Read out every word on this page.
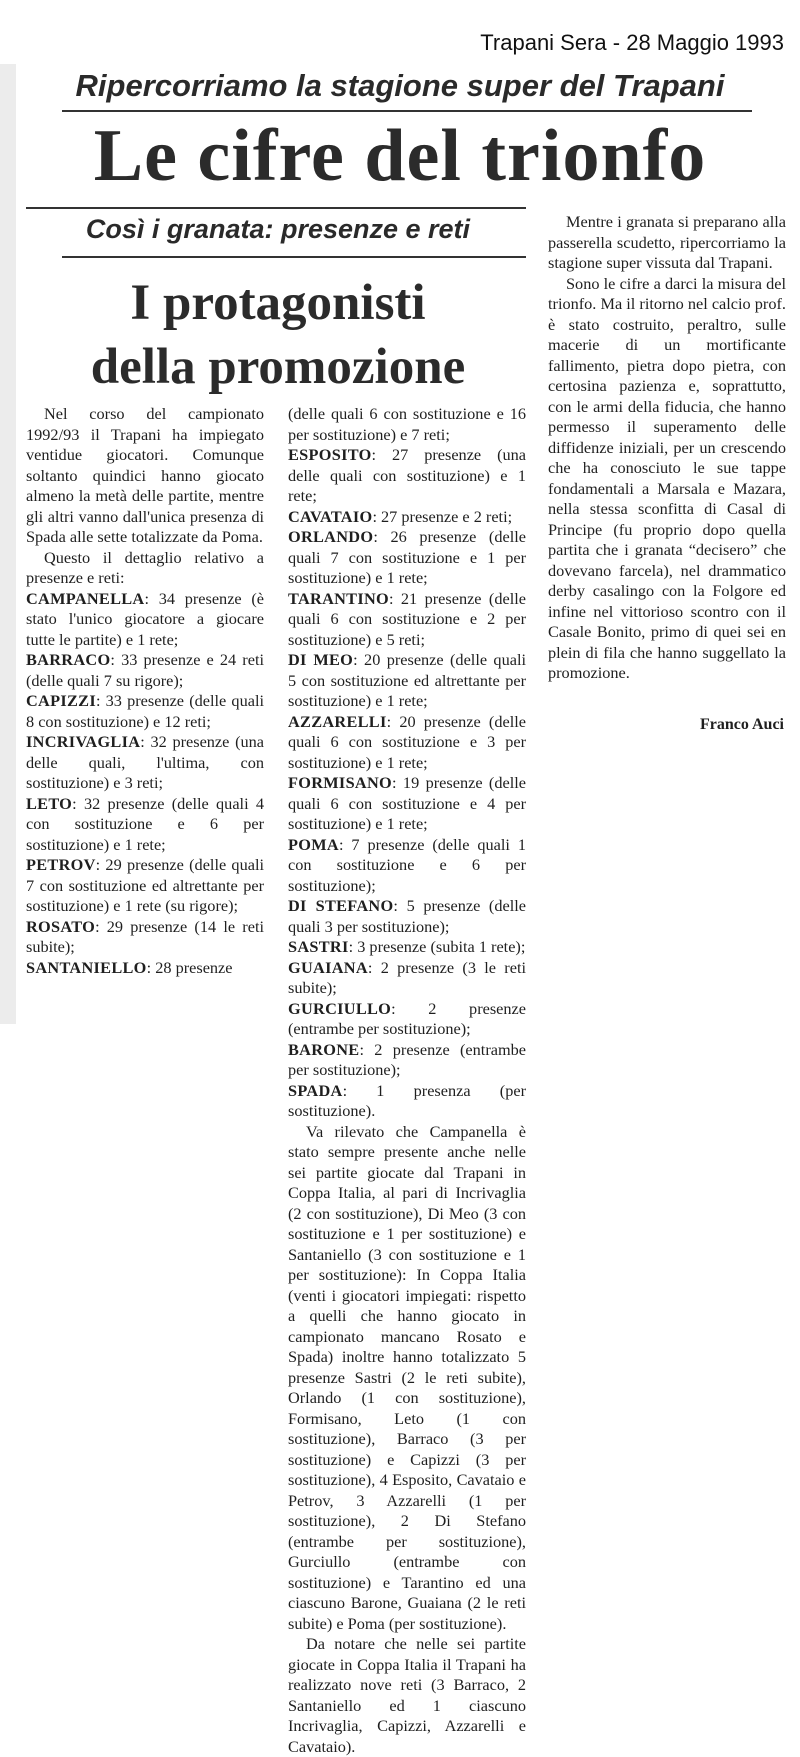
Trapani Sera - 28 Maggio 1993
Ripercorriamo la stagione super del Trapani
Le cifre del trionfo
Così i granata: presenze e reti
I protagonisti
della promozione

Nel corso del campionato 1992/93 il Trapani ha impiegato ventidue giocatori. Comunque soltanto quindici hanno giocato almeno la metà delle partite, mentre gli altri vanno dall'unica presenza di Spada alle sette totalizzate da Poma.

Questo il dettaglio relativo a presenze e reti:

CAMPANELLA: 34 presenze (è stato l'unico giocatore a giocare tutte le partite) e 1 rete;

BARRACO: 33 presenze e 24 reti (delle quali 7 su rigore);

CAPIZZI: 33 presenze (delle quali 8 con sostituzione) e 12 reti;

INCRIVAGLIA: 32 presenze (una delle quali, l'ultima, con sostituzione) e 3 reti;

LETO: 32 presenze (delle quali 4 con sostituzione e 6 per sostituzione) e 1 rete;

PETROV: 29 presenze (delle quali 7 con sostituzione ed altrettante per sostituzione) e 1 rete (su rigore);

ROSATO: 29 presenze (14 le reti subite);

SANTANIELLO: 28 presenze

(delle quali 6 con sostituzione e 16 per sostituzione) e 7 reti;

ESPOSITO: 27 presenze (una delle quali con sostituzione) e 1 rete;

CAVATAIO: 27 presenze e 2 reti;

ORLANDO: 26 presenze (delle quali 7 con sostituzione e 1 per sostituzione) e 1 rete;

TARANTINO: 21 presenze (delle quali 6 con sostituzione e 2 per sostituzione) e 5 reti;

DI MEO: 20 presenze (delle quali 5 con sostituzione ed altrettante per sostituzione) e 1 rete;

AZZARELLI: 20 presenze (delle quali 6 con sostituzione e 3 per sostituzione) e 1 rete;

FORMISANO: 19 presenze (delle quali 6 con sostituzione e 4 per sostituzione) e 1 rete;

POMA: 7 presenze (delle quali 1 con sostituzione e 6 per sostituzione);

DI STEFANO: 5 presenze (delle quali 3 per sostituzione);

SASTRI: 3 presenze (subita 1 rete);

GUAIANA: 2 presenze (3 le reti subite);

GURCIULLO: 2 presenze (entrambe per sostituzione);

BARONE: 2 presenze (entrambe per sostituzione);

SPADA: 1 presenza (per sostituzione).

Va rilevato che Campanella è stato sempre presente anche nelle sei partite giocate dal Trapani in Coppa Italia, al pari di Incrivaglia (2 con sostituzione), Di Meo (3 con sostituzione e 1 per sostituzione) e Santaniello (3 con sostituzione e 1 per sostituzione): In Coppa Italia (venti i giocatori impiegati: rispetto a quelli che hanno giocato in campionato mancano Rosato e Spada) inoltre hanno totalizzato 5 presenze Sastri (2 le reti subite), Orlando (1 con sostituzione), Formisano, Leto (1 con sostituzione), Barraco (3 per sostituzione) e Capizzi (3 per sostituzione), 4 Esposito, Cavataio e Petrov, 3 Azzarelli (1 per sostituzione), 2 Di Stefano (entrambe per sostituzione), Gurciullo (entrambe con sostituzione) e Tarantino ed una ciascuno Barone, Guaiana (2 le reti subite) e Poma (per sostituzione).

Da notare che nelle sei partite giocate in Coppa Italia il Trapani ha realizzato nove reti (3 Barraco, 2 Santaniello ed 1 ciascuno Incrivaglia, Capizzi, Azzarelli e Cavataio).

Mentre i granata si preparano alla passerella scudetto, ripercorriamo la stagione super vissuta dal Trapani.

Sono le cifre a darci la misura del trionfo. Ma il ritorno nel calcio prof. è stato costruito, peraltro, sulle macerie di un mortificante fallimento, pietra dopo pietra, con certosina pazienza e, soprattutto, con le armi della fiducia, che hanno permesso il superamento delle diffidenze iniziali, per un crescendo che ha conosciuto le sue tappe fondamentali a Marsala e Mazara, nella stessa sconfitta di Casal di Principe (fu proprio dopo quella partita che i granata “decisero” che dovevano farcela), nel drammatico derby casalingo con la Folgore ed infine nel vittorioso scontro con il Casale Bonito, primo di quei sei en plein di fila che hanno suggellato la promozione.

Franco Auci
